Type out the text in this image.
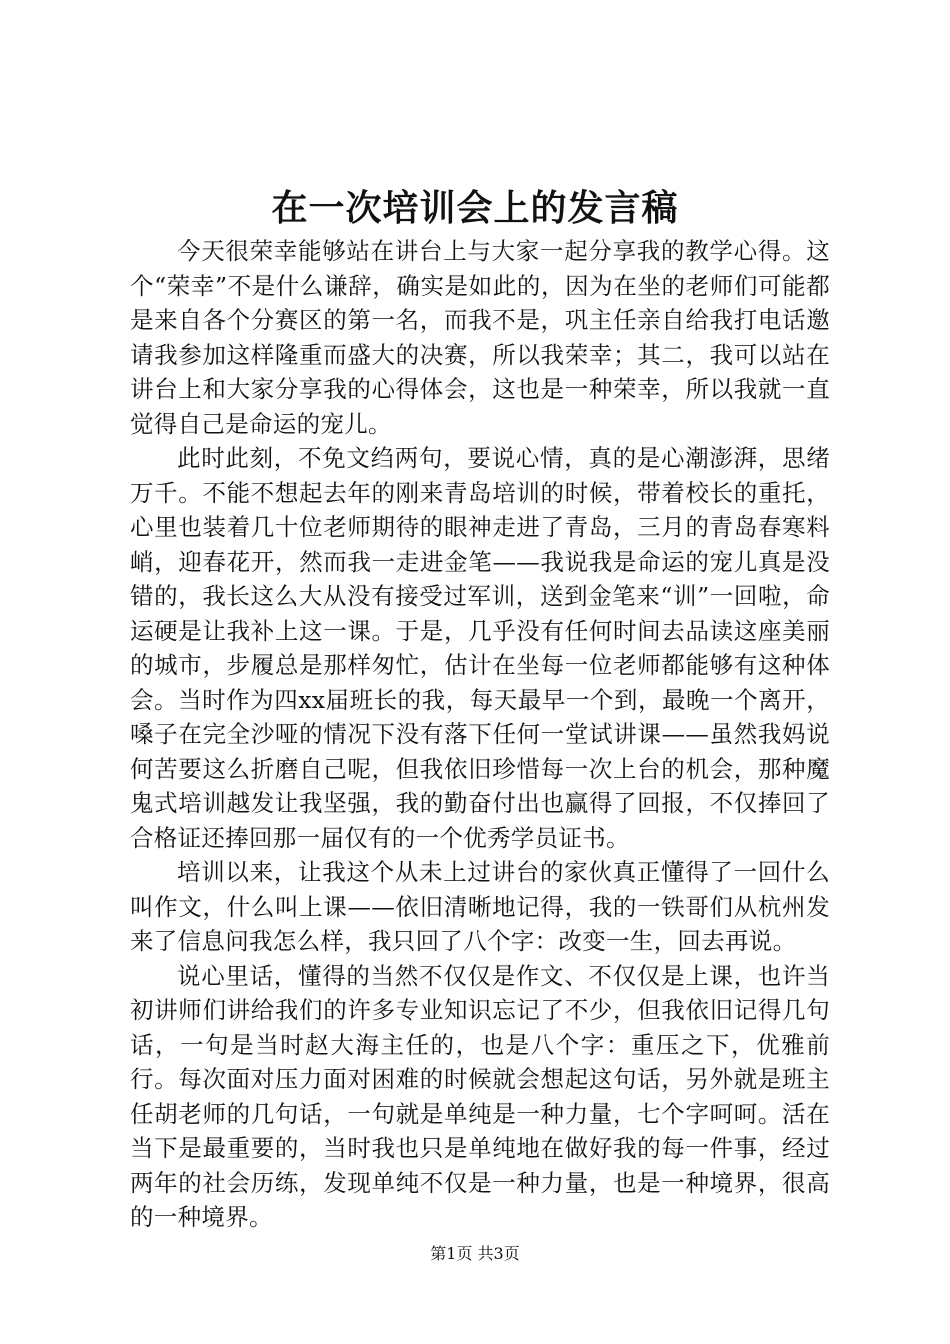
在一次培训会上的发言稿

今天很荣幸能够站在讲台上与大家一起分享我的教学心得。这个“荣幸”不是什么谦辞，确实是如此的，因为在坐的老师们可能都是来自各个分赛区的第一名，而我不是，巩主任亲自给我打电话邀请我参加这样隆重而盛大的决赛，所以我荣幸；其二，我可以站在讲台上和大家分享我的心得体会，这也是一种荣幸，所以我就一直觉得自己是命运的宠儿。

此时此刻，不免文绉两句，要说心情，真的是心潮澎湃，思绪万千。不能不想起去年的刚来青岛培训的时候，带着校长的重托，心里也装着几十位老师期待的眼神走进了青岛，三月的青岛春寒料峭，迎春花开，然而我一走进金笔——我说我是命运的宠儿真是没错的，我长这么大从没有接受过军训，送到金笔来“训”一回啦，命运硬是让我补上这一课。于是，几乎没有任何时间去品读这座美丽的城市，步履总是那样匆忙，估计在坐每一位老师都能够有这种体会。当时作为四xx届班长的我，每天最早一个到，最晚一个离开，嗓子在完全沙哑的情况下没有落下任何一堂试讲课——虽然我妈说何苦要这么折磨自己呢，但我依旧珍惜每一次上台的机会，那种魔鬼式培训越发让我坚强，我的勤奋付出也赢得了回报，不仅捧回了合格证还捧回那一届仅有的一个优秀学员证书。

培训以来，让我这个从未上过讲台的家伙真正懂得了一回什么叫作文，什么叫上课——依旧清晰地记得，我的一铁哥们从杭州发来了信息问我怎么样，我只回了八个字：改变一生，回去再说。

说心里话，懂得的当然不仅仅是作文、不仅仅是上课，也许当初讲师们讲给我们的许多专业知识忘记了不少，但我依旧记得几句话，一句是当时赵大海主任的，也是八个字：重压之下，优雅前行。每次面对压力面对困难的时候就会想起这句话，另外就是班主任胡老师的几句话，一句就是单纯是一种力量，七个字呵呵。活在当下是最重要的，当时我也只是单纯地在做好我的每一件事，经过两年的社会历练，发现单纯不仅是一种力量，也是一种境界，很高的一种境界。

第1页 共3页
